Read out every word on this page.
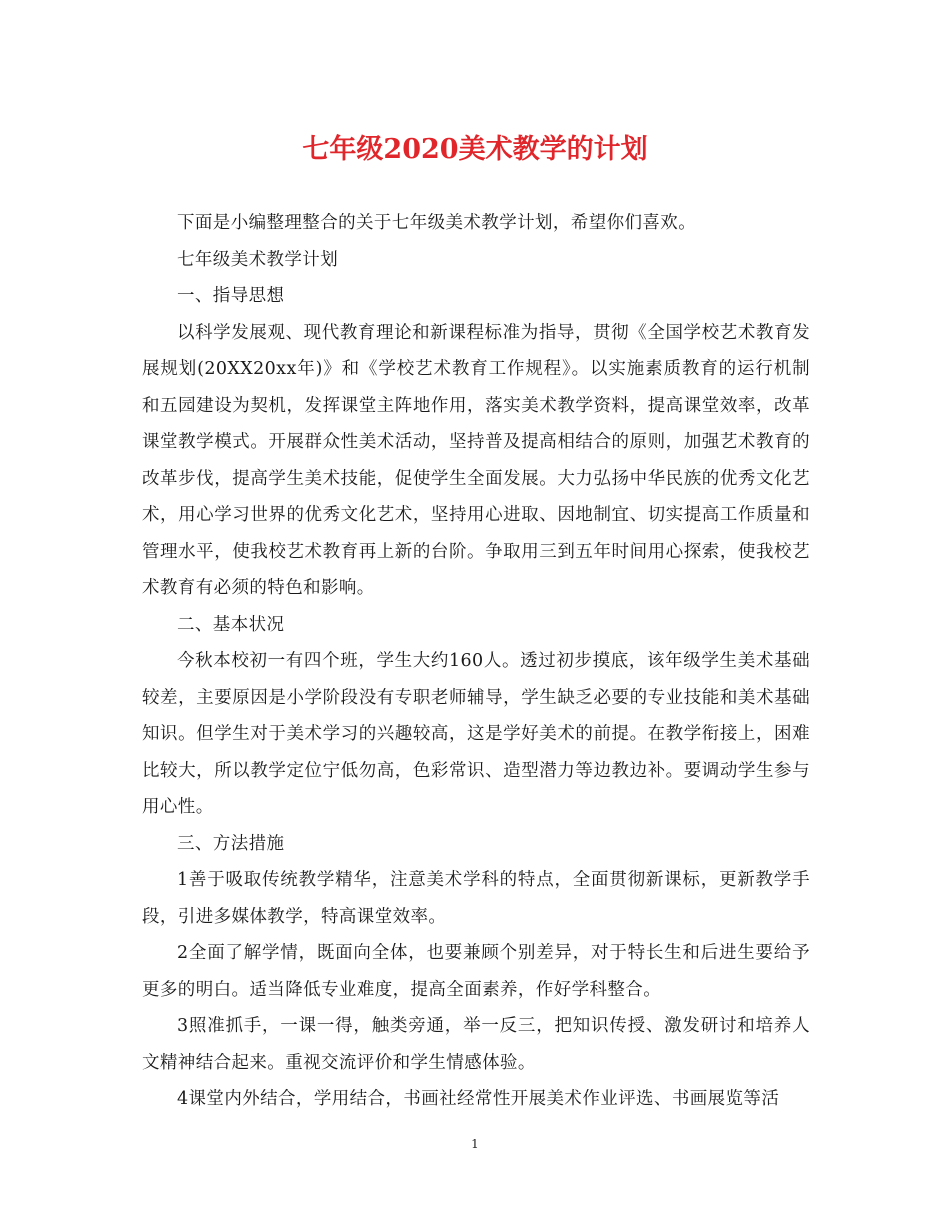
七年级2020美术教学的计划

下面是小编整理整合的关于七年级美术教学计划，希望你们喜欢。

七年级美术教学计划

一、指导思想

以科学发展观、现代教育理论和新课程标准为指导，贯彻《全国学校艺术教育发展规划(20XX20xx年)》和《学校艺术教育工作规程》。以实施素质教育的运行机制和五园建设为契机，发挥课堂主阵地作用，落实美术教学资料，提高课堂效率，改革课堂教学模式。开展群众性美术活动，坚持普及提高相结合的原则，加强艺术教育的改革步伐，提高学生美术技能，促使学生全面发展。大力弘扬中华民族的优秀文化艺术，用心学习世界的优秀文化艺术，坚持用心进取、因地制宜、切实提高工作质量和管理水平，使我校艺术教育再上新的台阶。争取用三到五年时间用心探索，使我校艺术教育有必须的特色和影响。

二、基本状况

今秋本校初一有四个班，学生大约160人。透过初步摸底，该年级学生美术基础较差，主要原因是小学阶段没有专职老师辅导，学生缺乏必要的专业技能和美术基础知识。但学生对于美术学习的兴趣较高，这是学好美术的前提。在教学衔接上，困难比较大，所以教学定位宁低勿高，色彩常识、造型潜力等边教边补。要调动学生参与用心性。

三、方法措施

1善于吸取传统教学精华，注意美术学科的特点，全面贯彻新课标，更新教学手段，引进多媒体教学，特高课堂效率。

2全面了解学情，既面向全体，也要兼顾个别差异，对于特长生和后进生要给予更多的明白。适当降低专业难度，提高全面素养，作好学科整合。

3照准抓手，一课一得，触类旁通，举一反三，把知识传授、激发研讨和培养人文精神结合起来。重视交流评价和学生情感体验。

4课堂内外结合，学用结合，书画社经常性开展美术作业评选、书画展览等活

1
